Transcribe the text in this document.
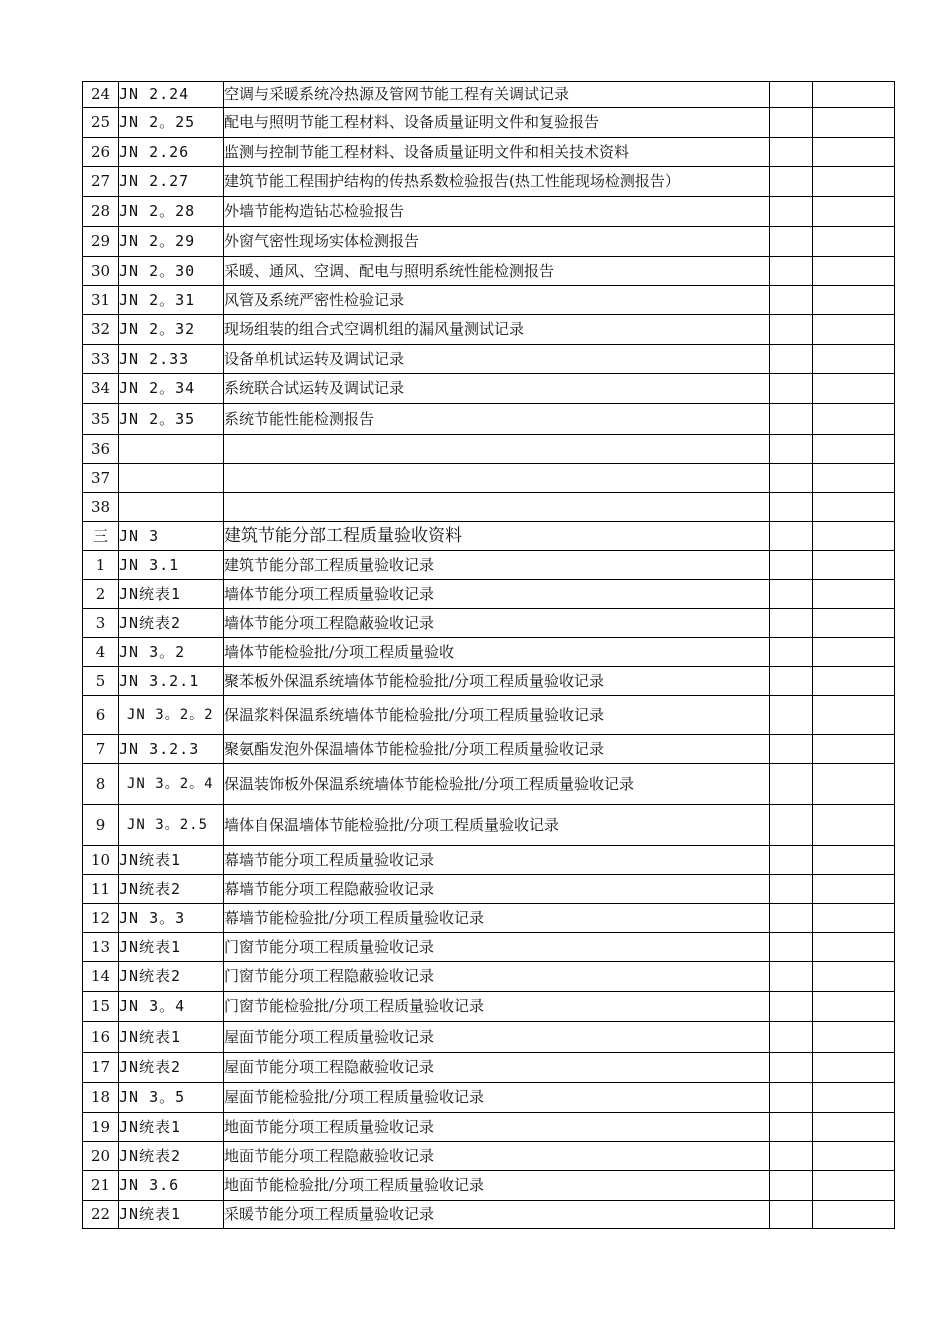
24	JN 2.24	空调与采暖系统冷热源及管网节能工程有关调试记录		
25	JN 2。25	配电与照明节能工程材料、设备质量证明文件和复验报告		
26	JN 2.26	监测与控制节能工程材料、设备质量证明文件和相关技术资料		
27	JN 2.27	建筑节能工程围护结构的传热系数检验报告(热工性能现场检测报告）		
28	JN 2。28	外墙节能构造钻芯检验报告		
29	JN 2。29	外窗气密性现场实体检测报告		
30	JN 2。30	采暖、通风、空调、配电与照明系统性能检测报告		
31	JN 2。31	风管及系统严密性检验记录		
32	JN 2。32	现场组装的组合式空调机组的漏风量测试记录		
33	JN 2.33	设备单机试运转及调试记录		
34	JN 2。34	系统联合试运转及调试记录		
35	JN 2。35	系统节能性能检测报告		
36				
37				
38				
三	JN 3	建筑节能分部工程质量验收资料		
1	JN 3.1	建筑节能分部工程质量验收记录		
2	JN统表1	墙体节能分项工程质量验收记录		
3	JN统表2	墙体节能分项工程隐蔽验收记录		
4	JN 3。2	墙体节能检验批/分项工程质量验收		
5	JN 3.2.1	聚苯板外保温系统墙体节能检验批/分项工程质量验收记录		
6	JN 3。2。2	保温浆料保温系统墙体节能检验批/分项工程质量验收记录		
7	JN 3.2.3	聚氨酯发泡外保温墙体节能检验批/分项工程质量验收记录		
8	JN 3。2。4	保温装饰板外保温系统墙体节能检验批/分项工程质量验收记录		
9	JN 3。2.5	墙体自保温墙体节能检验批/分项工程质量验收记录		
10	JN统表1	幕墙节能分项工程质量验收记录		
11	JN统表2	幕墙节能分项工程隐蔽验收记录		
12	JN 3。3	幕墙节能检验批/分项工程质量验收记录		
13	JN统表1	门窗节能分项工程质量验收记录		
14	JN统表2	门窗节能分项工程隐蔽验收记录		
15	JN 3。4	门窗节能检验批/分项工程质量验收记录		
16	JN统表1	屋面节能分项工程质量验收记录		
17	JN统表2	屋面节能分项工程隐蔽验收记录		
18	JN 3。5	屋面节能检验批/分项工程质量验收记录		
19	JN统表1	地面节能分项工程质量验收记录		
20	JN统表2	地面节能分项工程隐蔽验收记录		
21	JN 3.6	地面节能检验批/分项工程质量验收记录		
22	JN统表1	采暖节能分项工程质量验收记录		
